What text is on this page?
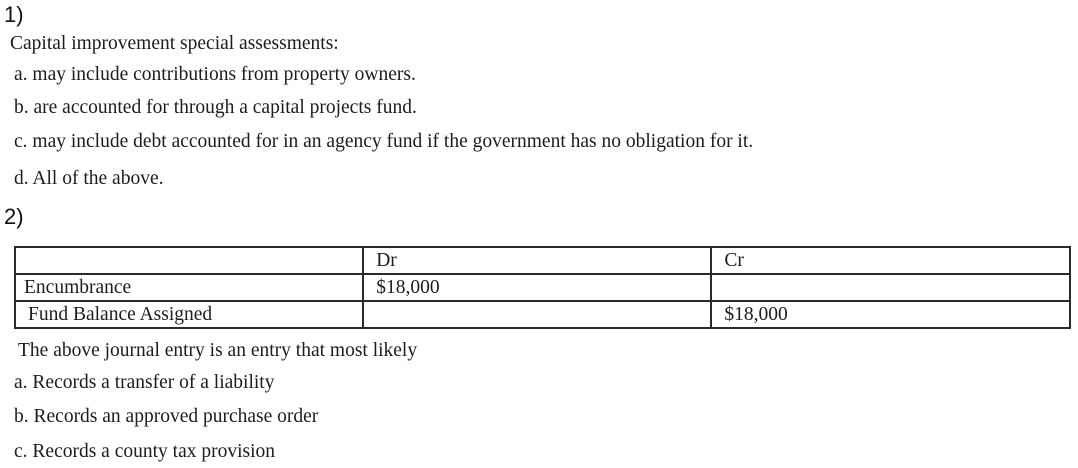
1)
Capital improvement special assessments:
a. may include contributions from property owners.
b. are accounted for through a capital projects fund.
c. may include debt accounted for in an agency fund if the government has no obligation for it.
d. All of the above.
2)
	Dr	Cr
Encumbrance	$18,000	
Fund Balance Assigned		$18,000
The above journal entry is an entry that most likely
a. Records a transfer of a liability
b. Records an approved purchase order
c. Records a county tax provision
